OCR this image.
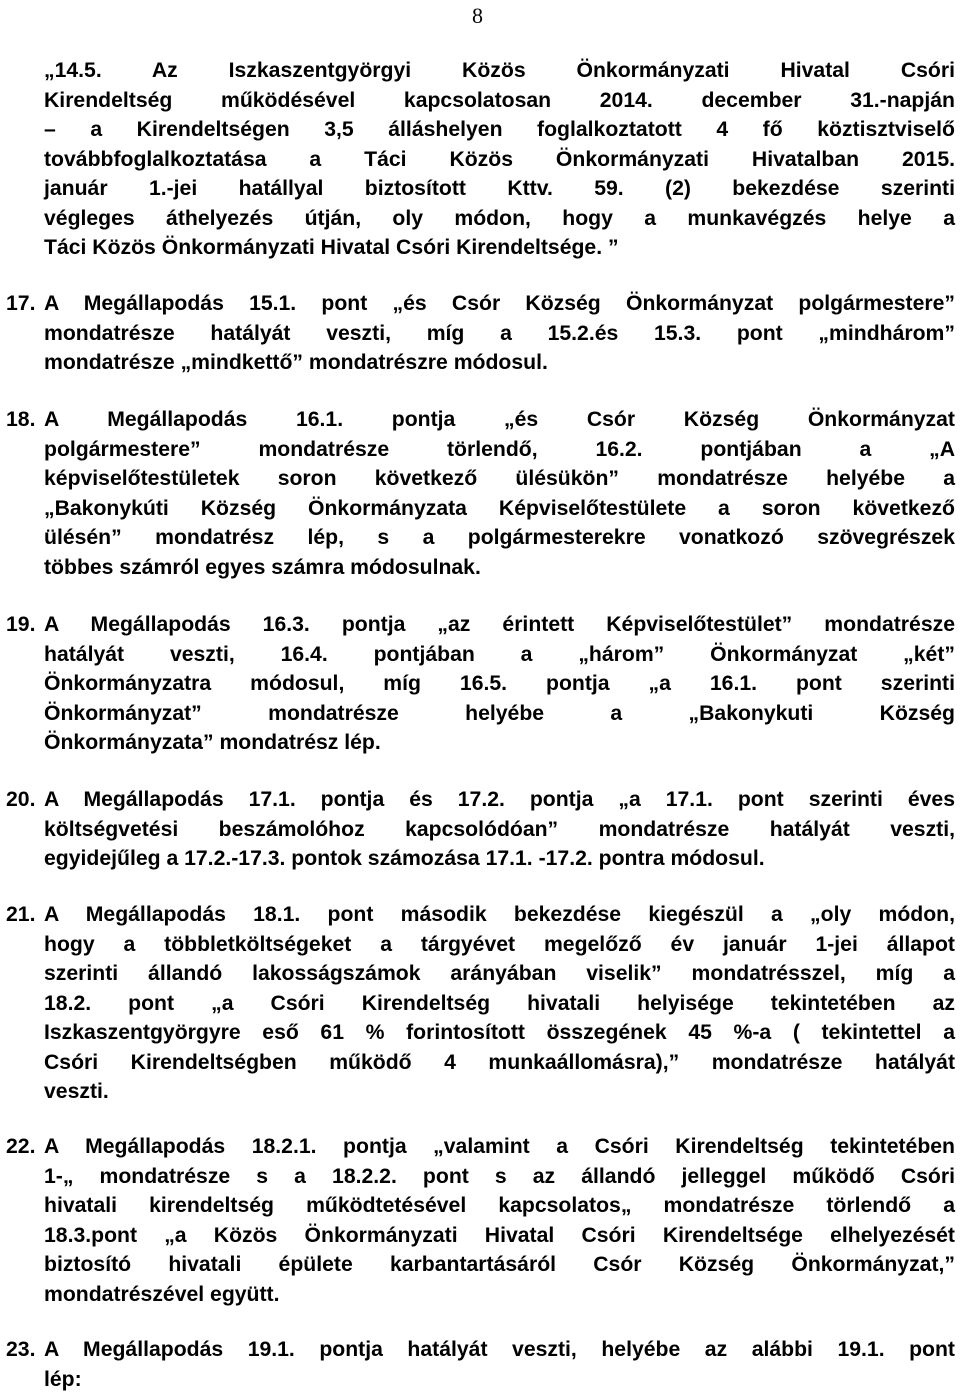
8
„14.5. Az Iszkaszentgyörgyi Közös Önkormányzati Hivatal Csóri
Kirendeltség működésével kapcsolatosan 2014. december 31.-napján
– a Kirendeltségen 3,5 álláshelyen foglalkoztatott 4 fő köztisztviselő
továbbfoglalkoztatása a Táci Közös Önkormányzati Hivatalban 2015.
január 1.-jei hatállyal biztosított Kttv. 59. (2) bekezdése szerinti
végleges áthelyezés útján, oly módon, hogy a munkavégzés helye a
Táci Közös Önkormányzati Hivatal Csóri Kirendeltsége. ”
17. A Megállapodás 15.1. pont „és Csór Község Önkormányzat polgármestere”
mondatrésze hatályát veszti, míg a 15.2.és 15.3. pont „mindhárom”
mondatrésze „mindkettő” mondatrészre módosul.
18. A Megállapodás 16.1. pontja „és Csór Község Önkormányzat
polgármestere” mondatrésze törlendő, 16.2. pontjában a „A
képviselőtestületek soron következő ülésükön” mondatrésze helyébe a
„Bakonykúti Község Önkormányzata Képviselőtestülete a soron következő
ülésén” mondatrész lép, s a polgármesterekre vonatkozó szövegrészek
többes számról egyes számra módosulnak.
19. A Megállapodás 16.3. pontja „az érintett Képviselőtestület” mondatrésze
hatályát veszti, 16.4. pontjában a „három” Önkormányzat „két”
Önkormányzatra módosul, míg 16.5. pontja „a 16.1. pont szerinti
Önkormányzat” mondatrésze helyébe a „Bakonykuti Község
Önkormányzata” mondatrész lép.
20. A Megállapodás 17.1. pontja és 17.2. pontja „a 17.1. pont szerinti éves
költségvetési beszámolóhoz kapcsolódóan” mondatrésze hatályát veszti,
egyidejűleg a 17.2.-17.3. pontok számozása 17.1. -17.2. pontra módosul.
21. A Megállapodás 18.1. pont második bekezdése kiegészül a „oly módon,
hogy a többletköltségeket a tárgyévet megelőző év január 1-jei állapot
szerinti állandó lakosságszámok arányában viselik” mondatrésszel, míg a
18.2. pont „a Csóri Kirendeltség hivatali helyisége tekintetében az
Iszkaszentgyörgyre eső 61 % forintosított összegének 45 %-a ( tekintettel a
Csóri Kirendeltségben működő 4 munkaállomásra),” mondatrésze hatályát
veszti.
22. A Megállapodás 18.2.1. pontja „valamint a Csóri Kirendeltség tekintetében
1-„ mondatrésze s a 18.2.2. pont s az állandó jelleggel működő Csóri
hivatali kirendeltség működtetésével kapcsolatos„ mondatrésze törlendő a
18.3.pont „a Közös Önkormányzati Hivatal Csóri Kirendeltsége elhelyezését
biztosító hivatali épülete karbantartásáról Csór Község Önkormányzat,”
mondatrészével együtt.
23. A Megállapodás 19.1. pontja hatályát veszti, helyébe az alábbi 19.1. pont
lép:
